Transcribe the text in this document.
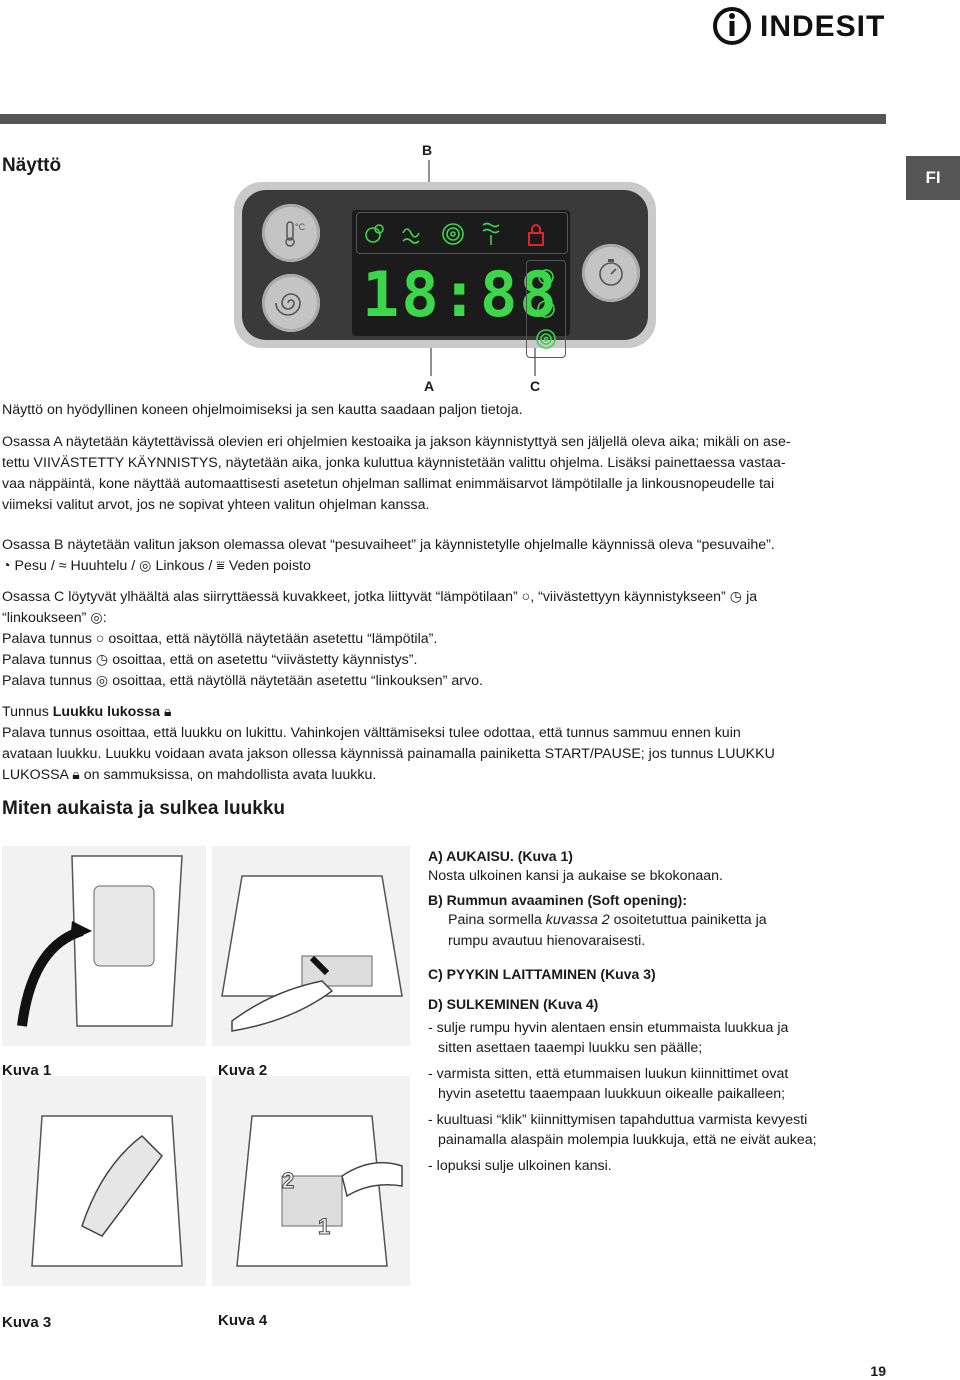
INDESIT
FI
Näyttö
B
A	C
°C
18:88
Näyttö on hyödyllinen koneen ohjelmoimiseksi ja sen kautta saadaan paljon tietoja.
Osassa A näytetään käytettävissä olevien eri ohjelmien kestoaika ja jakson käynnistyttyä sen jäljellä oleva aika; mikäli on ase-
tettu VIIVÄSTETTY KÄYNNISTYS, näytetään aika, jonka kuluttua käynnistetään valittu ohjelma. Lisäksi painettaessa vastaa-
vaa näppäintä, kone näyttää automaattisesti asetetun ohjelman sallimat enimmäisarvot lämpötilalle ja linkousnopeudelle tai
viimeksi valitut arvot, jos ne sopivat yhteen valitun ohjelman kanssa.
Osassa B näytetään valitun jakson olemassa olevat “pesuvaiheet” ja käynnistetylle ohjelmalle käynnissä oleva “pesuvaihe”.
◔ Pesu / ≈ Huuhtelu / ◎ Linkous / ⩸ Veden poisto
Osassa C löytyvät ylhäältä alas siirryttäessä kuvakkeet, jotka liittyvät “lämpötilaan” ○, “viivästettyyn käynnistykseen” ◷ ja
“linkoukseen” ◎:
Palava tunnus ○ osoittaa, että näytöllä näytetään asetettu “lämpötila”.
Palava tunnus ◷ osoittaa, että on asetettu “viivästetty käynnistys”.
Palava tunnus ◎ osoittaa, että näytöllä näytetään asetettu “linkouksen” arvo.
Tunnus Luukku lukossa 🔒︎
Palava tunnus osoittaa, että luukku on lukittu. Vahinkojen välttämiseksi tulee odottaa, että tunnus sammuu ennen kuin
avataan luukku. Luukku voidaan avata jakson ollessa käynnissä painamalla painiketta START/PAUSE; jos tunnus LUUKKU
LUKOSSA 🔒︎ on sammuksissa, on mahdollista avata luukku.
Miten aukaista ja sulkea luukku
2
1
Kuva 1	Kuva 2
Kuva 3	Kuva 4
A) AUKAISU. (Kuva 1)
Nosta ulkoinen kansi ja aukaise se bkokonaan.
B) Rummun avaaminen (Soft opening):
Paina sormella kuvassa 2 osoitetuttua painiketta ja
rumpu avautuu hienovaraisesti.
C) PYYKIN LAITTAMINEN (Kuva 3)
D) SULKEMINEN (Kuva 4)
- sulje rumpu hyvin alentaen ensin etummaista luukkua ja
sitten asettaen taaempi luukku sen päälle;
- varmista sitten, että etummaisen luukun kiinnittimet ovat
hyvin asetettu taaempaan luukkuun oikealle paikalleen;
- kuultuasi “klik” kiinnittymisen tapahduttua varmista kevyesti
painamalla alaspäin molempia luukkuja, että ne eivät aukea;
- lopuksi sulje ulkoinen kansi.
19
